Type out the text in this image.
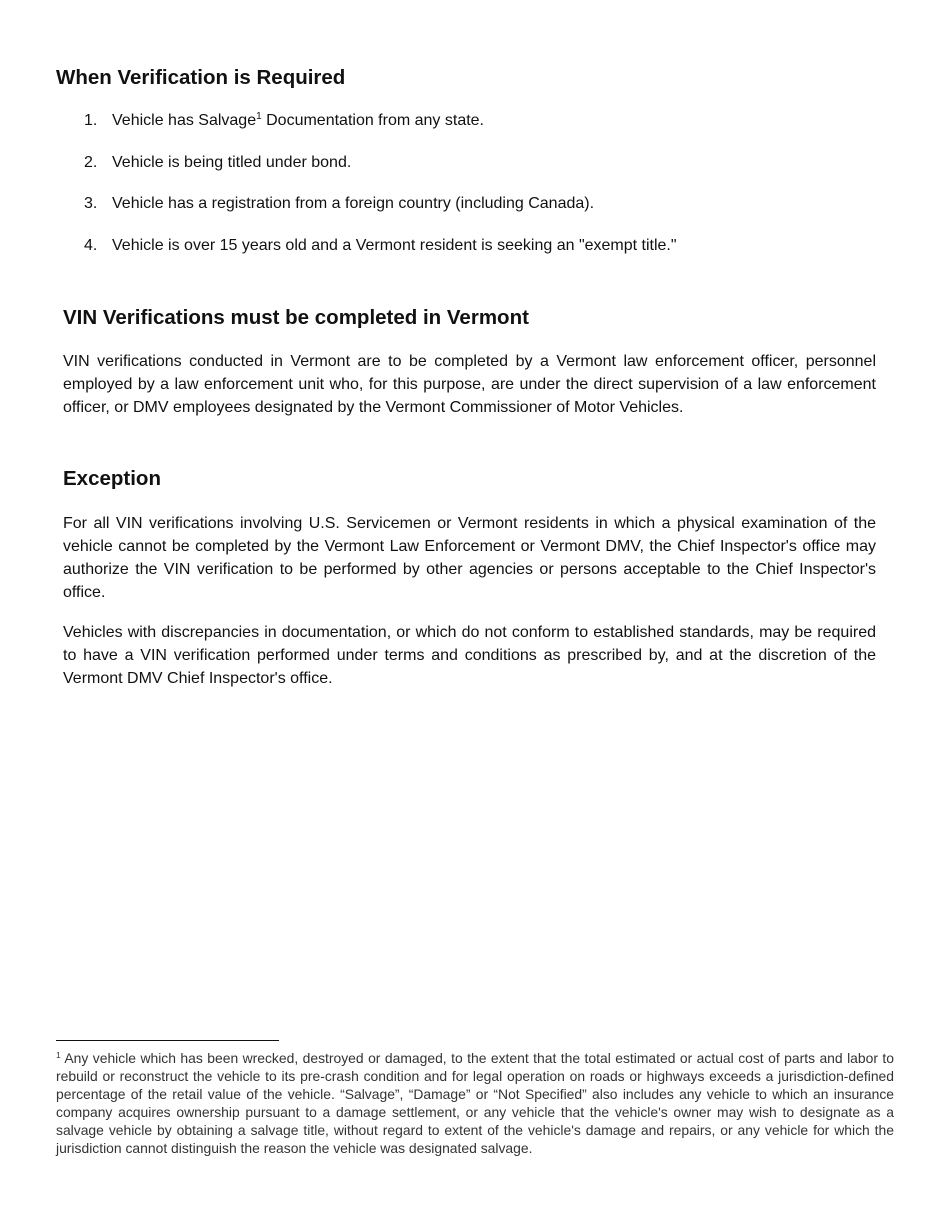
When Verification is Required
1. Vehicle has Salvage$^1$ Documentation from any state.
2. Vehicle is being titled under bond.
3. Vehicle has a registration from a foreign country (including Canada).
4. Vehicle is over 15 years old and a Vermont resident is seeking an "exempt title."
VIN Verifications must be completed in Vermont

VIN verifications conducted in Vermont are to be completed by a Vermont law enforcement officer, personnel employed by a law enforcement unit who, for this purpose, are under the direct supervision of a law enforcement officer, or DMV employees designated by the Vermont Commissioner of Motor Vehicles.

Exception

For all VIN verifications involving U.S. Servicemen or Vermont residents in which a physical examination of the vehicle cannot be completed by the Vermont Law Enforcement or Vermont DMV, the Chief Inspector's office may authorize the VIN verification to be performed by other agencies or persons acceptable to the Chief Inspector's office.

Vehicles with discrepancies in documentation, or which do not conform to established standards, may be required to have a VIN verification performed under terms and conditions as prescribed by, and at the discretion of the Vermont DMV Chief Inspector's office.

$^1$ Any vehicle which has been wrecked, destroyed or damaged, to the extent that the total estimated or actual cost of parts and labor to rebuild or reconstruct the vehicle to its pre-crash condition and for legal operation on roads or highways exceeds a jurisdiction-defined percentage of the retail value of the vehicle. “Salvage”, “Damage” or “Not Specified” also includes any vehicle to which an insurance company acquires ownership pursuant to a damage settlement, or any vehicle that the vehicle's owner may wish to designate as a salvage vehicle by obtaining a salvage title, without regard to extent of the vehicle's damage and repairs, or any vehicle for which the jurisdiction cannot distinguish the reason the vehicle was designated salvage.
